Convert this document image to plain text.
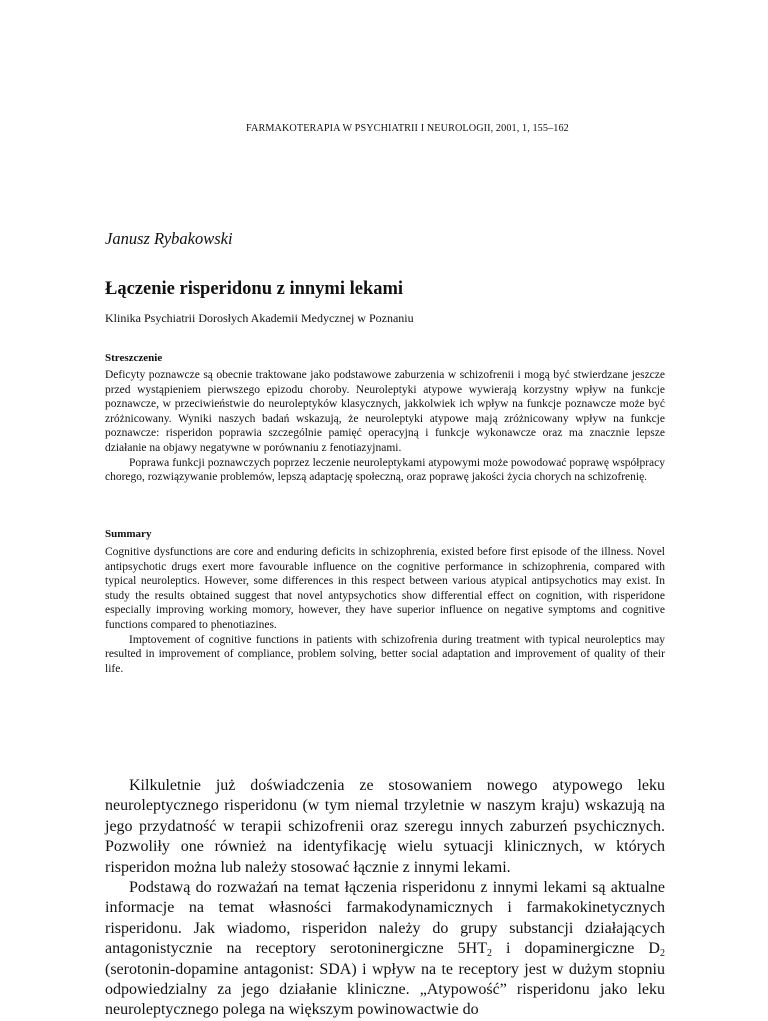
FARMAKOTERAPIA W PSYCHIATRII I NEUROLOGII, 2001, 1, 155–162
Janusz Rybakowski
Łączenie risperidonu z innymi lekami
Klinika Psychiatrii Dorosłych Akademii Medycznej w Poznaniu
Streszczenie

Deficyty poznawcze są obecnie traktowane jako podstawowe zaburzenia w schizofrenii i mogą być stwierdzane jeszcze przed wystąpieniem pierwszego epizodu choroby. Neuroleptyki atypowe wywierają korzystny wpływ na funkcje poznawcze, w przeciwieństwie do neuroleptyków klasycznych, jakkolwiek ich wpływ na funkcje poznawcze może być zróżnicowany. Wyniki naszych badań wskazują, że neuroleptyki atypowe mają zróżnicowany wpływ na funkcje poznawcze: risperidon poprawia szczególnie pamięć operacyjną i funkcje wykonawcze oraz ma znacznie lepsze działanie na objawy negatywne w porównaniu z fenotiazyjnami.

Poprawa funkcji poznawczych poprzez leczenie neuroleptykami atypowymi może powodować poprawę współpracy chorego, rozwiązywanie problemów, lepszą adaptację społeczną, oraz poprawę jakości życia chorych na schizofrenię.

Summary

Cognitive dysfunctions are core and enduring deficits in schizophrenia, existed before first episode of the illness. Novel antipsychotic drugs exert more favourable influence on the cognitive performance in schizophrenia, compared with typical neuroleptics. However, some differences in this respect between various atypical antipsychotics may exist. In study the results obtained suggest that novel antypsychotics show differential effect on cognition, with risperidone especially improving working momory, however, they have superior influence on negative symptoms and cognitive functions compared to phenotiazines.

Imptovement of cognitive functions in patients with schizofrenia during treatment with typical neuroleptics may resulted in improvement of compliance, problem solving, better social adaptation and improvement of quality of their life.

Kilkuletnie już doświadczenia ze stosowaniem nowego atypowego leku neuroleptycznego risperidonu (w tym niemal trzyletnie w naszym kraju) wskazują na jego przydatność w terapii schizofrenii oraz szeregu innych zaburzeń psychicznych. Pozwoliły one również na identyfikację wielu sytuacji klinicznych, w których risperidon można lub należy stosować łącznie z innymi lekami.

Podstawą do rozważań na temat łączenia risperidonu z innymi lekami są aktualne informacje na temat własności farmakodynamicznych i farmakokinetycznych risperidonu. Jak wiadomo, risperidon należy do grupy substancji działających antagonistycznie na receptory serotoninergiczne $5HT_2$ i dopaminergiczne $D_2$ (serotonin-dopamine antagonist: SDA) i wpływ na te receptory jest w dużym stopniu odpowiedzialny za jego działanie kliniczne. „Atypowość” risperidonu jako leku neuroleptycznego polega na większym powinowactwie do
